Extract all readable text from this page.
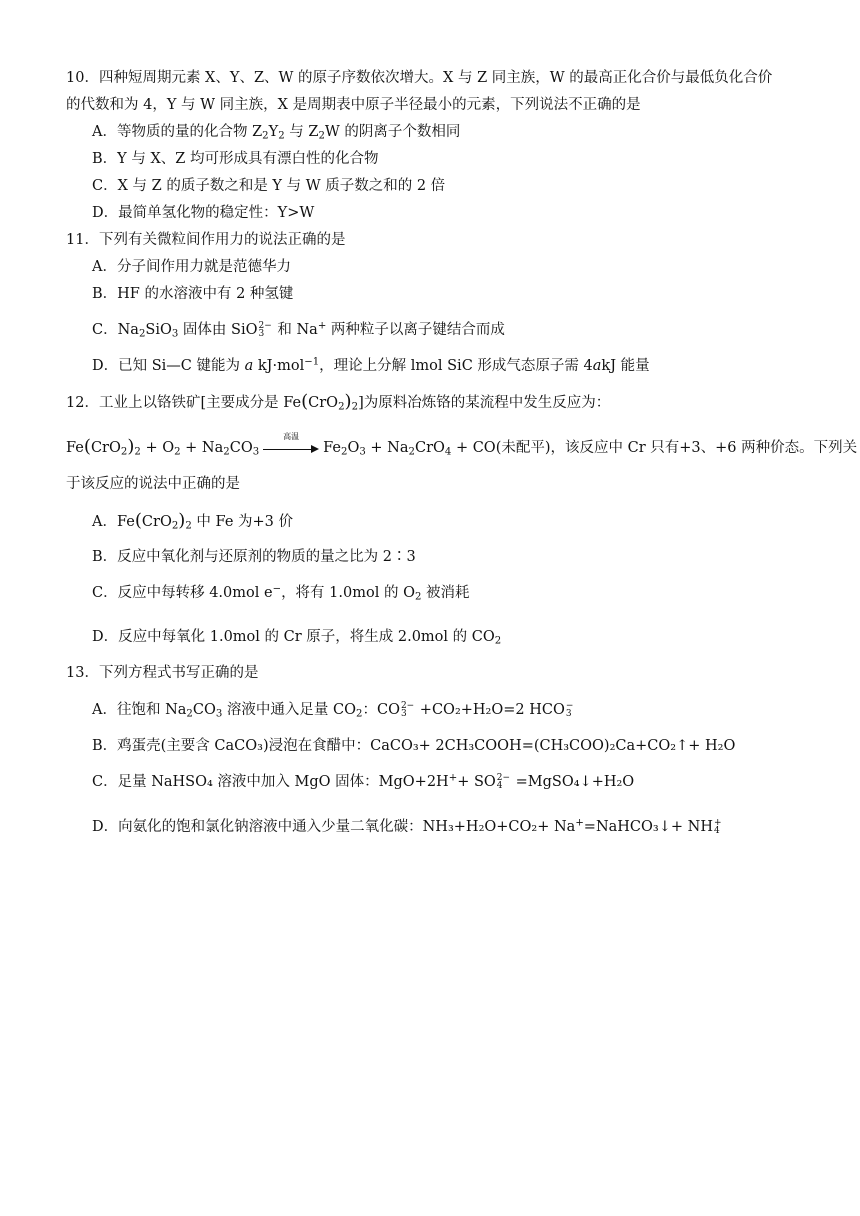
10．四种短周期元素 X、Y、Z、W 的原子序数依次增大。X 与 Z 同主族，W 的最高正化合价与最低负化合价
的代数和为 4，Y 与 W 同主族，X 是周期表中原子半径最小的元素，下列说法不正确的是
A．等物质的量的化合物 $Z_2Y_2$ 与 $Z_2W$ 的阴离子个数相同
B．Y 与 X、Z 均可形成具有漂白性的化合物
C．X 与 Z 的质子数之和是 Y 与 W 质子数之和的 2 倍
D．最简单氢化物的稳定性：Y>W
11．下列有关微粒间作用力的说法正确的是
A．分子间作用力就是范德华力
B．HF 的水溶液中有 2 种氢键
C．$Na_2SiO_3$ 固体由 SiO 2−
3 和 Na+ 两种粒子以离子键结合而成
D．已知 Si—C 键能为 a kJ·mol$^{-1}$，理论上分解 lmol SiC 形成气态原子需 4akJ 能量
12．工业上以铬铁矿[主要成分是 $Fe(CrO_2)_2$]为原料冶炼铬的某流程中发生反应为：
$Fe(CrO_2)_2 + O_2 + Na_2CO_3$
高温
$Fe_2O_3 + Na_2CrO_4 + CO$(未配平)，该反应中 Cr 只有+3、+6 两种价态。下列关
于该反应的说法中正确的是
A．$Fe(CrO_2)_2$ 中 Fe 为+3 价
B．反应中氧化剂与还原剂的物质的量之比为 2∶3
C．反应中每转移 4.0mol e−，将有 1.0mol 的 $O_2$ 被消耗
D．反应中每氧化 1.0mol 的 Cr 原子，将生成 2.0mol 的 $CO_2$
13．下列方程式书写正确的是
A．往饱和 $Na_2CO_3$ 溶液中通入足量 $CO_2$：CO 2−
3 +CO₂+H₂O=2 HCO −
3
B．鸡蛋壳(主要含 CaCO₃)浸泡在食醋中：CaCO₃+ 2CH₃COOH=(CH₃COO)₂Ca+CO₂↑+ H₂O
C．足量 NaHSO₄ 溶液中加入 MgO 固体：MgO+2H++ SO 2−
4 =MgSO₄↓+H₂O
D．向氨化的饱和氯化钠溶液中通入少量二氧化碳：NH₃+H₂O+CO₂+ Na+=NaHCO₃↓+ NH +
4
